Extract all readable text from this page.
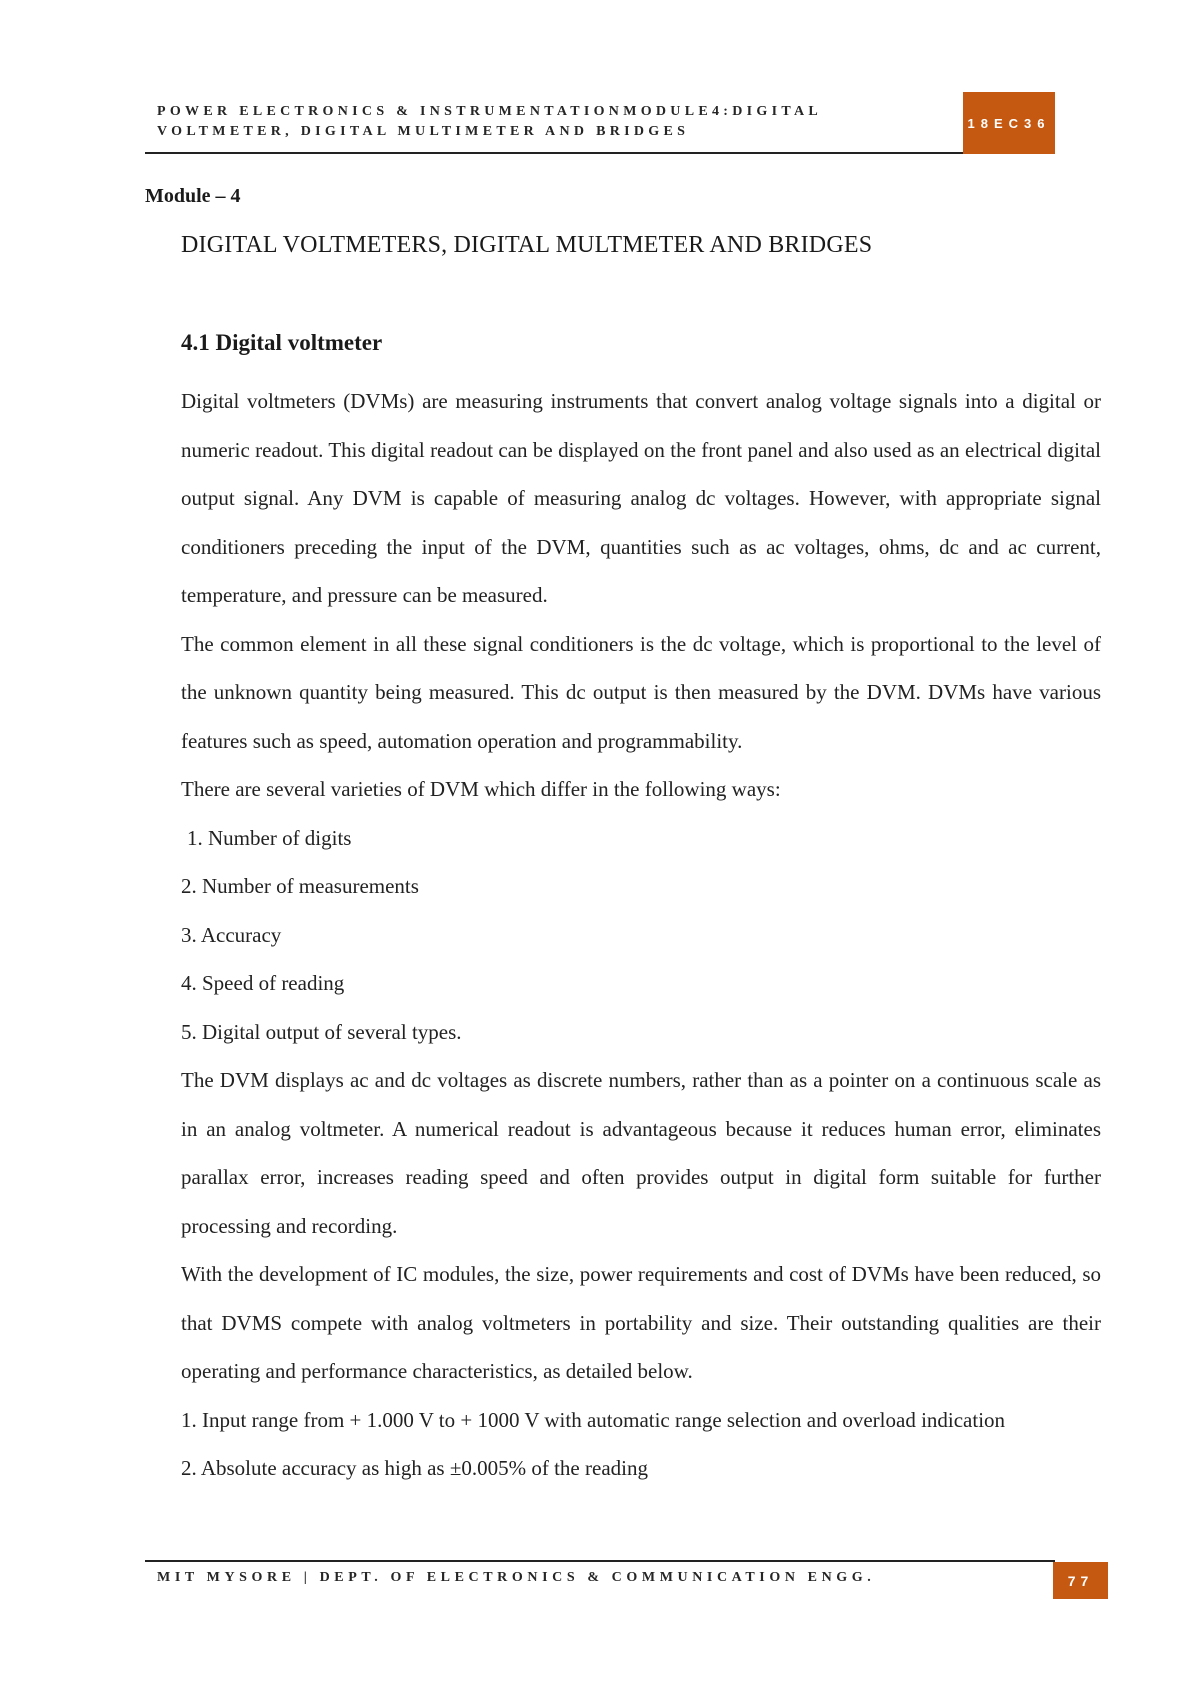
POWER ELECTRONICS & INSTRUMENTATIONMODULE4:DIGITAL
VOLTMETER, DIGITAL MULTIMETER AND BRIDGES
18EC36
Module – 4
DIGITAL VOLTMETERS, DIGITAL MULTMETER AND BRIDGES
4.1 Digital voltmeter

Digital voltmeters (DVMs) are measuring instruments that convert analog voltage signals into a digital or numeric readout. This digital readout can be displayed on the front panel and also used as an electrical digital output signal. Any DVM is capable of measuring analog dc voltages. However, with appropriate signal conditioners preceding the input of the DVM, quantities such as ac voltages, ohms, dc and ac current, temperature, and pressure can be measured.

The common element in all these signal conditioners is the dc voltage, which is proportional to the level of the unknown quantity being measured. This dc output is then measured by the DVM. DVMs have various features such as speed, automation operation and programmability.

There are several varieties of DVM which differ in the following ways:

1. Number of digits

2. Number of measurements

3. Accuracy

4. Speed of reading

5. Digital output of several types.

The DVM displays ac and dc voltages as discrete numbers, rather than as a pointer on a continuous scale as in an analog voltmeter. A numerical readout is advantageous because it reduces human error, eliminates parallax error, increases reading speed and often provides output in digital form suitable for further processing and recording.

With the development of IC modules, the size, power requirements and cost of DVMs have been reduced, so that DVMS compete with analog voltmeters in portability and size. Their outstanding qualities are their operating and performance characteristics, as detailed below.

1. Input range from + 1.000 V to + 1000 V with automatic range selection and overload indication

2. Absolute accuracy as high as ±0.005% of the reading

MIT MYSORE | DEPT. OF ELECTRONICS & COMMUNICATION ENGG.	77
